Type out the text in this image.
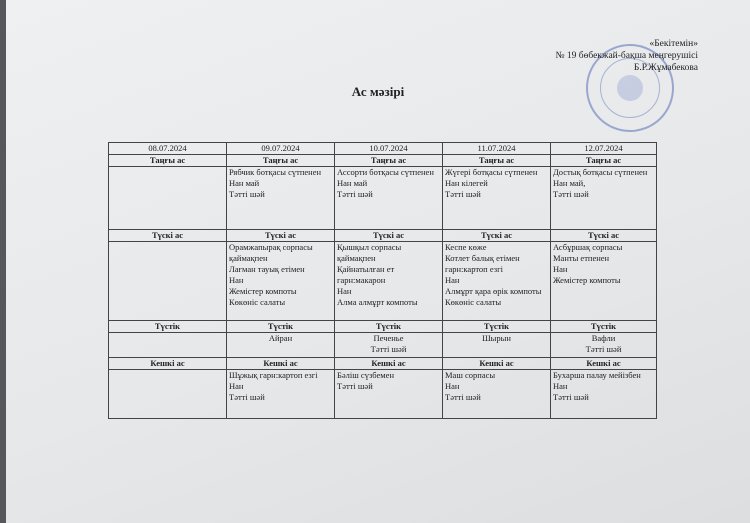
«Бекітемін»
№ 19 бөбекжай-бақша меңгерушісі
Б.Р.Жұмабекова
Ас мәзірі
08.07.2024	09.07.2024	10.07.2024	11.07.2024	12.07.2024
Таңғы ас	Таңғы ас	Таңғы ас	Таңғы ас	Таңғы ас

	Рябчик ботқасы сүтпенен
Нан май
Тәтті шәй	Ассорти ботқасы сүтпенен
Нан май
Тәтті шәй	Жүгері ботқасы сүтпенен
Нан кілегей
Тәтті шәй	Достық ботқасы сүтпенен
Нан май,
Тәтті шәй

Түскі ас	Түскі ас	Түскі ас	Түскі ас	Түскі ас

	Орамжапырақ сорпасы қаймақпен
Лағман тауық етімен
Нан
Жемістер компоты
Көкөніс салаты	Қышқыл сорпасы қаймақпен
Қайнатылған ет гарн:макарон
Нан
Алма алмұрт компоты	Кеспе көже
Котлет балық етімен гарн:картоп езгі
Нан
Алмұрт қара өрік компоты
Көкөніс салаты	Асбұршақ сорпасы
Манты етпенен
Нан
Жемістер компоты

Түстік	Түстік	Түстік	Түстік	Түстік

	Айран	Печенье
Тәтті шәй	Шырын	Вафли
Тәтті шәй

Кешкі ас	Кешкі ас	Кешкі ас	Кешкі ас	Кешкі ас

	Шұжық гарн:картоп езгі
Нан
Тәтті шәй	Бәліш сүзбемен
Тәтті шәй	Маш сорпасы
Нан
Тәтті шәй	Бухарша палау мейізбен
Нан
Тәтті шәй
